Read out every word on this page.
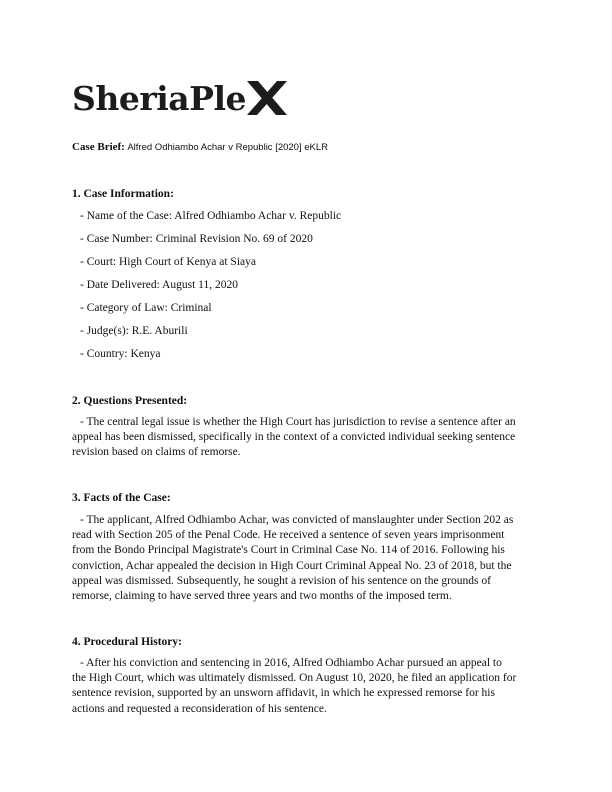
SheriaPle
Case Brief: Alfred Odhiambo Achar v Republic [2020] eKLR
1. Case Information:
- Name of the Case: Alfred Odhiambo Achar v. Republic
- Case Number: Criminal Revision No. 69 of 2020
- Court: High Court of Kenya at Siaya
- Date Delivered: August 11, 2020
- Category of Law: Criminal
- Judge(s): R.E. Aburili
- Country: Kenya
2. Questions Presented:
- The central legal issue is whether the High Court has jurisdiction to revise a sentence after an
appeal has been dismissed, specifically in the context of a convicted individual seeking sentence
revision based on claims of remorse.
3. Facts of the Case:
- The applicant, Alfred Odhiambo Achar, was convicted of manslaughter under Section 202 as
read with Section 205 of the Penal Code. He received a sentence of seven years imprisonment
from the Bondo Principal Magistrate's Court in Criminal Case No. 114 of 2016. Following his
conviction, Achar appealed the decision in High Court Criminal Appeal No. 23 of 2018, but the
appeal was dismissed. Subsequently, he sought a revision of his sentence on the grounds of
remorse, claiming to have served three years and two months of the imposed term.
4. Procedural History:
- After his conviction and sentencing in 2016, Alfred Odhiambo Achar pursued an appeal to
the High Court, which was ultimately dismissed. On August 10, 2020, he filed an application for
sentence revision, supported by an unsworn affidavit, in which he expressed remorse for his
actions and requested a reconsideration of his sentence.
